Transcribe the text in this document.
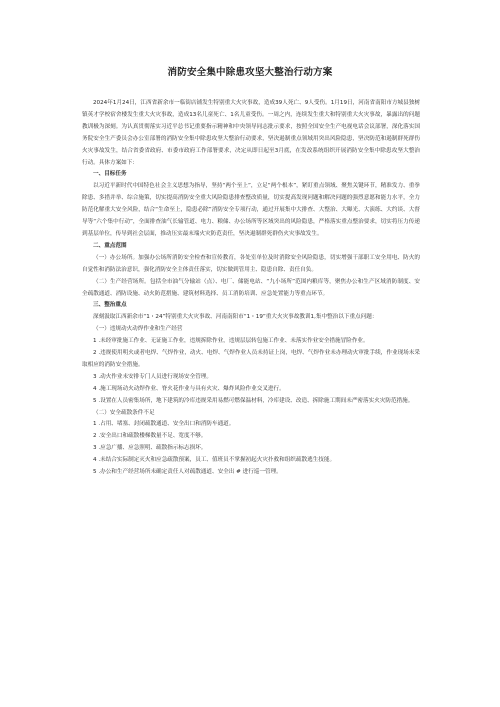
消防安全集中除患攻坚大整治行动方案

2024年1月24日，江西省新余市一临街店铺发生特别重大火灾事故，造成39人死亡、9人受伤。1月19日，河南省南阳市方城县独树镇英才学校宿舍楼发生重大火灾事故，造成13名儿童死亡、1名儿童受伤。一周之内，连续发生重大和特别重大火灾事故，暴露出的问题教训极为深刻。为认真贯彻落实习近平总书记重要指示精神和中央领导同志批示要求，按照全国安全生产电视电话会议部署，深化落实国务院安全生产委员会办公室部署的消防安全集中除患攻坚大整治行动要求，坚决遏制重点领域用突出风险隐患，坚决防范和遏制群死群伤火灾事故发生，结合省委省政府、市委市政府工作部署要求，决定从即日起至3月底，在发改系统组织开展消防安全集中除患攻坚大整治行动。具体方案如下：

一、目标任务

以习近平新时代中国特色社会主义思想为指导，坚持“两个至上”，立足“两个根本”，紧盯重点领域、聚焦关键环节，精准发力、重拳除患、多措并举、综合施策，切实提高消防安全重大风险隐患排查整改质量，切实提高发现问题和解决问题的强烈意愿和能力水平，全力防范化解重大安全风险，结合“生命至上，隐患必除”消防安全专项行动，通过开展集中大排查、大整治、大曝光、大演练、大约谈、大督导等“六个集中行动”，全面排查油气长输管道、电力、粮储、办公场所等区域突出的风险隐患，严格落实重点整治要求，切实将压力传递到基层单位，传导到社会层面，推动压实最末端火灾防范责任，坚决遏制群死群伤火灾事故发生。

二、重点范围

（一）办公场所。加强办公场所消防安全检查和宣传教育，各处室单位及时消除安全风险隐患，切实增强干部职工安全用电、防火的自觉性和消防法治意识，强化消防安全主体责任落实，切实做到管用主、隐患自除、责任自负。

（二）生产经营场所。包括全市油气分输站（点）、电厂、储能电站、“九小场所”范围内粮库等，聚焦办公和生产区域消防制度、安全疏散通道、消防设施、动火防范措施、建筑材料选择、员工消防培训、应急处置能力等重点环节。

三、整治重点

深刻汲取江西新余市“1・24”特别重大火灾事故、河南南阳市“1・19”重大火灾事故教训1,集中整治以下重点问题：

（一）违规动火动焊作业和生产经营

1 .未经审批施工作业、无证施工作业，违规拆除作业，违规层层转包施工作业、未落实作业安全措施冒险作业。

2 .违规使用明火或者电焊、气焊作业，动火、电焊、气焊作业人员未持证上岗，电焊、气焊作业未办理动火审批手续，作业现场未采取相应的消防安全措施。

3 .动火作业未安排专门人员进行现场安全管理。

4 .施工现场动火动焊作业、脊火花作业与具有火灾、爆炸风险作业交叉进行。

5 .设置在人员密集场所，地下建筑的冷库违规采用易燃可燃保温材料，冷库建设、改造、拆除施工期间未严密落实火灾防范措施。

（二）安全疏散条件不足

1 .占用、堵塞、封闭疏散通道、安全出口和消防车通道。

2 .安全出口和疏散楼梯数量不足、宽度不够。

3 .应急广播、应急照明、疏散指示标志损坏。

4 .未结合实际制定灭火和应急疏散预案，员工、值班员不掌握初起火灾扑救和组织疏散逃生技能。

5 .办公和生产经营场所未确定责任人对疏散通道、安全出 # 进行巡一管理。
